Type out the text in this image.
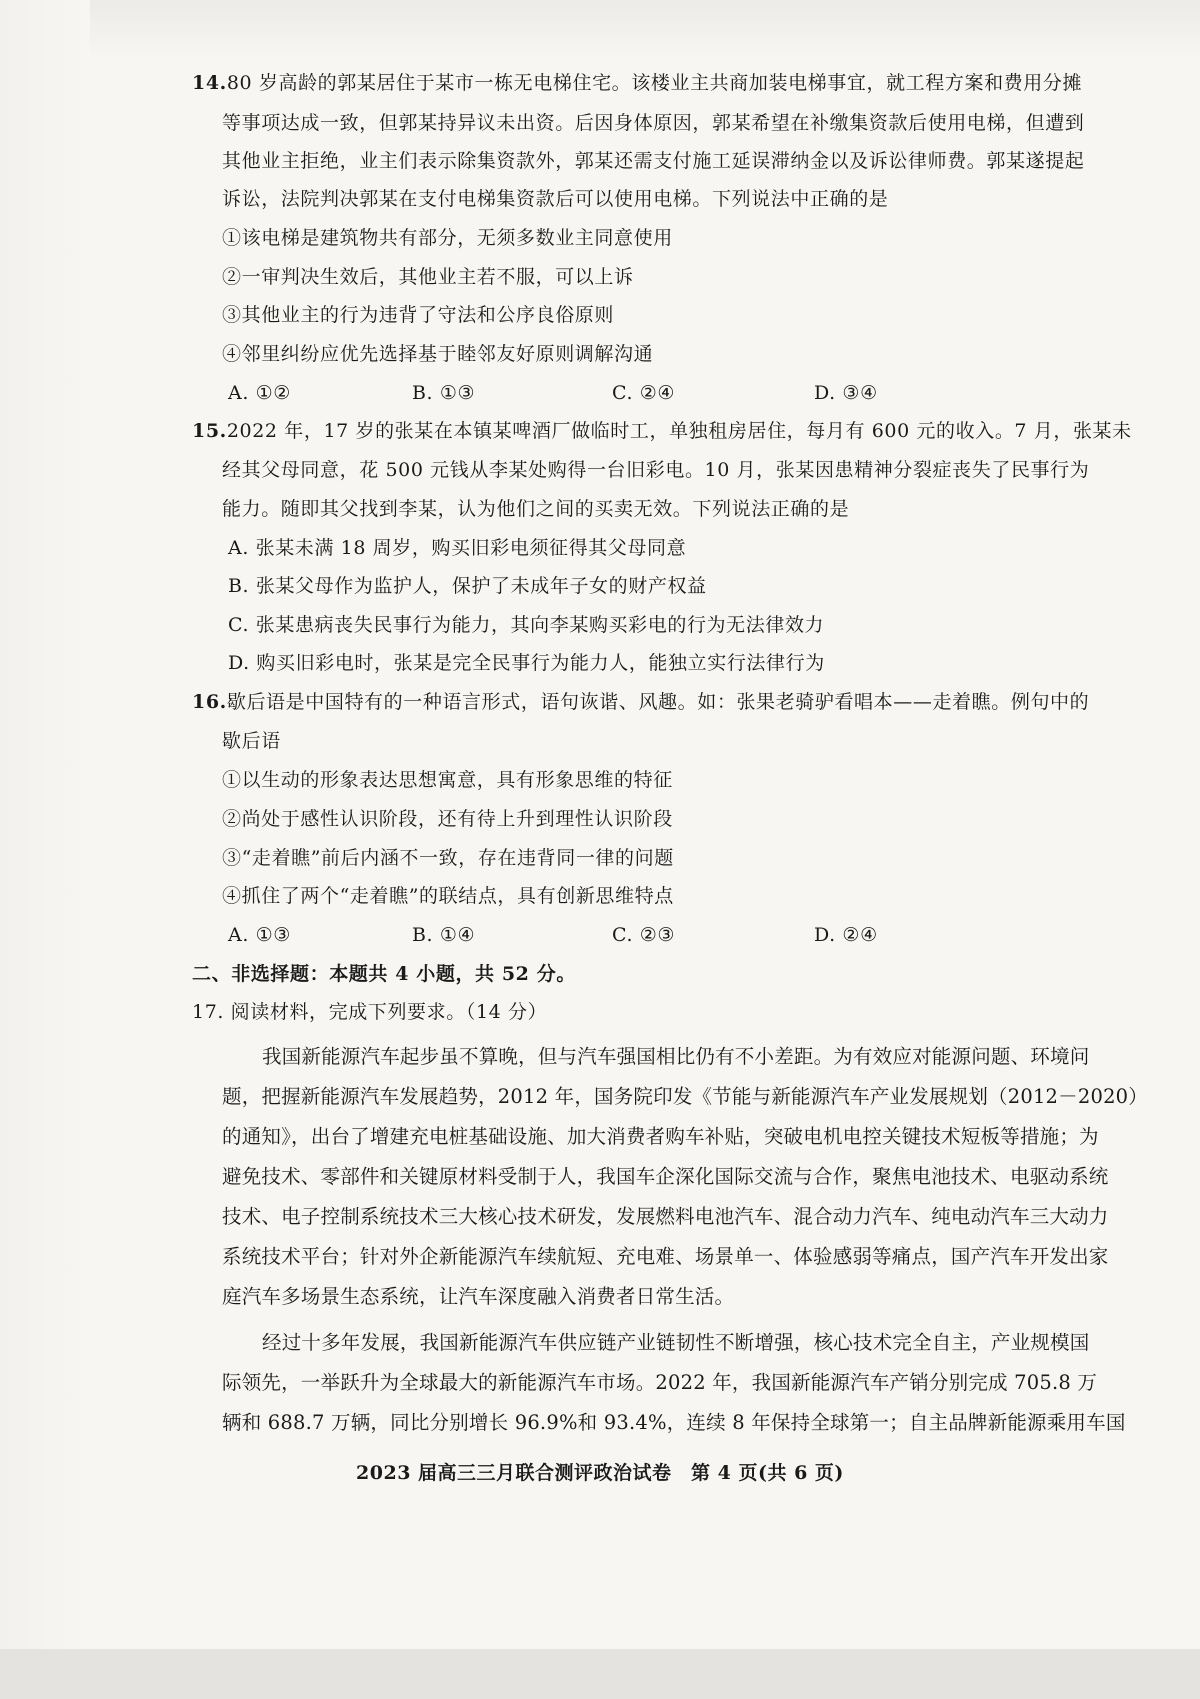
14.80 岁高龄的郭某居住于某市一栋无电梯住宅。该楼业主共商加装电梯事宜，就工程方案和费用分摊
等事项达成一致，但郭某持异议未出资。后因身体原因，郭某希望在补缴集资款后使用电梯，但遭到
其他业主拒绝，业主们表示除集资款外，郭某还需支付施工延误滞纳金以及诉讼律师费。郭某遂提起
诉讼，法院判决郭某在支付电梯集资款后可以使用电梯。下列说法中正确的是
①该电梯是建筑物共有部分，无须多数业主同意使用
②一审判决生效后，其他业主若不服，可以上诉
③其他业主的行为违背了守法和公序良俗原则
④邻里纠纷应优先选择基于睦邻友好原则调解沟通
A. ①②	B. ①③	C. ②④	D. ③④
15.2022 年，17 岁的张某在本镇某啤酒厂做临时工，单独租房居住，每月有 600 元的收入。7 月，张某未
经其父母同意，花 500 元钱从李某处购得一台旧彩电。10 月，张某因患精神分裂症丧失了民事行为
能力。随即其父找到李某，认为他们之间的买卖无效。下列说法正确的是
A. 张某未满 18 周岁，购买旧彩电须征得其父母同意
B. 张某父母作为监护人，保护了未成年子女的财产权益
C. 张某患病丧失民事行为能力，其向李某购买彩电的行为无法律效力
D. 购买旧彩电时，张某是完全民事行为能力人，能独立实行法律行为
16.歇后语是中国特有的一种语言形式，语句诙谐、风趣。如：张果老骑驴看唱本——走着瞧。例句中的
歇后语
①以生动的形象表达思想寓意，具有形象思维的特征
②尚处于感性认识阶段，还有待上升到理性认识阶段
③“走着瞧”前后内涵不一致，存在违背同一律的问题
④抓住了两个“走着瞧”的联结点，具有创新思维特点
A. ①③	B. ①④	C. ②③	D. ②④
二、非选择题：本题共 4 小题，共 52 分。
17. 阅读材料，完成下列要求。（14 分）
我国新能源汽车起步虽不算晚，但与汽车强国相比仍有不小差距。为有效应对能源问题、环境问
题，把握新能源汽车发展趋势，2012 年，国务院印发《节能与新能源汽车产业发展规划（2012－2020）
的通知》，出台了增建充电桩基础设施、加大消费者购车补贴，突破电机电控关键技术短板等措施；为
避免技术、零部件和关键原材料受制于人，我国车企深化国际交流与合作，聚焦电池技术、电驱动系统
技术、电子控制系统技术三大核心技术研发，发展燃料电池汽车、混合动力汽车、纯电动汽车三大动力
系统技术平台；针对外企新能源汽车续航短、充电难、场景单一、体验感弱等痛点，国产汽车开发出家
庭汽车多场景生态系统，让汽车深度融入消费者日常生活。
经过十多年发展，我国新能源汽车供应链产业链韧性不断增强，核心技术完全自主，产业规模国
际领先，一举跃升为全球最大的新能源汽车市场。2022 年，我国新能源汽车产销分别完成 705.8 万
辆和 688.7 万辆，同比分别增长 96.9%和 93.4%，连续 8 年保持全球第一；自主品牌新能源乘用车国
2023 届高三三月联合测评政治试卷　第 4 页(共 6 页)
